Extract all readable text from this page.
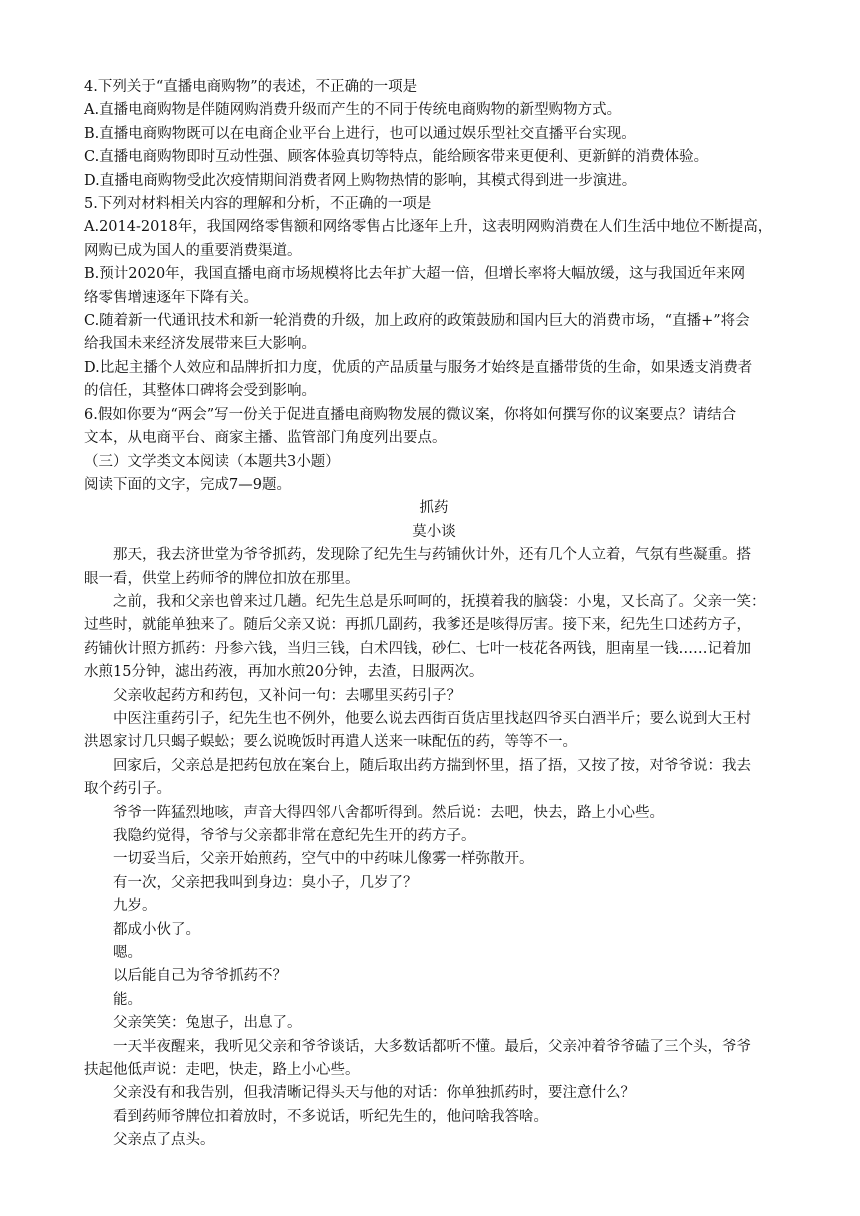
4.下列关于“直播电商购物”的表述，不正确的一项是

A.直播电商购物是伴随网购消费升级而产生的不同于传统电商购物的新型购物方式。

B.直播电商购物既可以在电商企业平台上进行，也可以通过娱乐型社交直播平台实现。

C.直播电商购物即时互动性强、顾客体验真切等特点，能给顾客带来更便利、更新鲜的消费体验。

D.直播电商购物受此次疫情期间消费者网上购物热情的影响，其模式得到进一步演进。

5.下列对材料相关内容的理解和分析，不正确的一项是

A.2014-2018年，我国网络零售额和网络零售占比逐年上升，这表明网购消费在人们生活中地位不断提高，

网购已成为国人的重要消费渠道。

B.预计2020年，我国直播电商市场规模将比去年扩大超一倍，但增长率将大幅放缓，这与我国近年来网

络零售增速逐年下降有关。

C.随着新一代通讯技术和新一轮消费的升级，加上政府的政策鼓励和国内巨大的消费市场，“直播+”将会

给我国未来经济发展带来巨大影响。

D.比起主播个人效应和品牌折扣力度，优质的产品质量与服务才始终是直播带货的生命，如果透支消费者

的信任，其整体口碑将会受到影响。

6.假如你要为“两会”写一份关于促进直播电商购物发展的微议案，你将如何撰写你的议案要点？请结合

文本，从电商平台、商家主播、监管部门角度列出要点。

（三）文学类文本阅读（本题共3小题）

阅读下面的文字，完成7—9题。

抓药

莫小谈

那天，我去济世堂为爷爷抓药，发现除了纪先生与药铺伙计外，还有几个人立着，气氛有些凝重。搭

眼一看，供堂上药师爷的牌位扣放在那里。

之前，我和父亲也曾来过几趟。纪先生总是乐呵呵的，抚摸着我的脑袋：小鬼，又长高了。父亲一笑：

过些时，就能单独来了。随后父亲又说：再抓几副药，我爹还是咳得厉害。接下来，纪先生口述药方子，

药铺伙计照方抓药：丹参六钱，当归三钱，白术四钱，砂仁、七叶一枝花各两钱，胆南星一钱……记着加

水煎15分钟，滤出药液，再加水煎20分钟，去渣，日服两次。

父亲收起药方和药包，又补问一句：去哪里买药引子？

中医注重药引子，纪先生也不例外，他要么说去西街百货店里找赵四爷买白酒半斤；要么说到大王村

洪恩家讨几只蝎子蜈蚣；要么说晚饭时再遣人送来一味配伍的药，等等不一。

回家后，父亲总是把药包放在案台上，随后取出药方揣到怀里，捂了捂，又按了按，对爷爷说：我去

取个药引子。

爷爷一阵猛烈地咳，声音大得四邻八舍都听得到。然后说：去吧，快去，路上小心些。

我隐约觉得，爷爷与父亲都非常在意纪先生开的药方子。

一切妥当后，父亲开始煎药，空气中的中药味儿像雾一样弥散开。

有一次，父亲把我叫到身边：臭小子，几岁了？

九岁。

都成小伙了。

嗯。

以后能自己为爷爷抓药不？

能。

父亲笑笑：兔崽子，出息了。

一天半夜醒来，我听见父亲和爷爷谈话，大多数话都听不懂。最后，父亲冲着爷爷磕了三个头，爷爷

扶起他低声说：走吧，快走，路上小心些。

父亲没有和我告别，但我清晰记得头天与他的对话：你单独抓药时，要注意什么？

看到药师爷牌位扣着放时，不多说话，听纪先生的，他问啥我答啥。

父亲点了点头。
